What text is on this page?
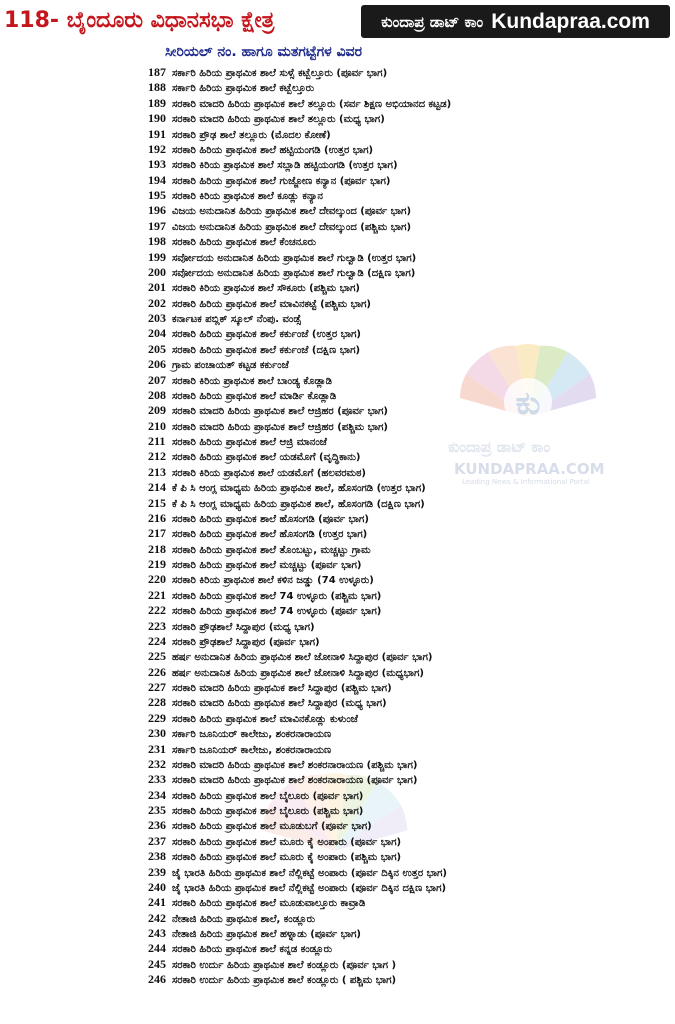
118- ಬೈಂದೂರು ವಿಧಾನಸಭಾ ಕ್ಷೇತ್ರ	ಕುಂದಾಪ್ರ ಡಾಟ್ ಕಾಂ Kundapraa.com
ಸೀರಿಯಲ್ ನಂ. ಹಾಗೂ ಮತಗಟ್ಟೆಗಳ ವಿವರ
ಕು
ಕುಂದಾಪ್ರ ಡಾಟ್ ಕಾಂ
KUNDAPRAA.COM
Leading News & Informational Portal
187 ಸರ್ಕಾರಿ ಹಿರಿಯ ಪ್ರಾಥಮಿಕ ಶಾಲೆ ಸುಳ್ಸೆ ಕಟ್ಬೆಲ್ತೂರು (ಪೂರ್ವ ಭಾಗ)
188 ಸರ್ಕಾರಿ ಹಿರಿಯ ಪ್ರಾಥಮಿಕ ಶಾಲೆ ಕಟ್ಬೆಲ್ತೂರು
189 ಸರಕಾರಿ ಮಾದರಿ ಹಿರಿಯ ಪ್ರಾಥಮಿಕ ಶಾಲೆ ತಲ್ಲೂರು (ಸರ್ವ ಶಿಕ್ಷಣ ಅಭಿಯಾನದ ಕಟ್ಟಡ)
190 ಸರಕಾರಿ ಮಾದರಿ ಹಿರಿಯ ಪ್ರಾಥಮಿಕ ಶಾಲೆ ತಲ್ಲೂರು (ಮಧ್ಯ ಭಾಗ)
191 ಸರಕಾರಿ ಪ್ರೌಢ ಶಾಲೆ ತಲ್ಲೂರು (ಮೊದಲ ಕೋಣೆ)
192 ಸರಕಾರಿ ಹಿರಿಯ ಪ್ರಾಥಮಿಕ ಶಾಲೆ ಹಟ್ಟಿಯಂಗಡಿ (ಉತ್ತರ ಭಾಗ)
193 ಸರಕಾರಿ ಕಿರಿಯ ಪ್ರಾಥಮಿಕ ಶಾಲೆ ಸಬ್ಲಾಡಿ ಹಟ್ಟಿಯಂಗಡಿ (ಉತ್ತರ ಭಾಗ)
194 ಸರಕಾರಿ ಹಿರಿಯ ಪ್ರಾಥಮಿಕ ಶಾಲೆ ಗುಜ್ಜೋಣ ಕನ್ಯಾನ (ಪೂರ್ವ ಭಾಗ)
195 ಸರಕಾರಿ ಕಿರಿಯ ಪ್ರಾಥಮಿಕ ಶಾಲೆ ಕೂಡ್ಲು ಕನ್ಯಾನ
196 ವಿಜಯ ಅನುದಾನಿತ ಹಿರಿಯ ಪ್ರಾಥಮಿಕ ಶಾಲೆ ದೇವಲ್ಕುಂದ (ಪೂರ್ವ ಭಾಗ)
197 ವಿಜಯ ಅನುದಾನಿತ ಹಿರಿಯ ಪ್ರಾಥಮಿಕ ಶಾಲೆ ದೇವಲ್ಕುಂದ (ಪಶ್ಚಿಮ ಭಾಗ)
198 ಸರಕಾರಿ ಹಿರಿಯ ಪ್ರಾಥಮಿಕ ಶಾಲೆ ಕೆಂಚನೂರು
199 ಸರ್ವೋದಯ ಅನುದಾನಿತ ಹಿರಿಯ ಪ್ರಾಥಮಿಕ ಶಾಲೆ ಗುಲ್ವಾಡಿ (ಉತ್ತರ ಭಾಗ)
200 ಸರ್ವೋದಯ ಅನುದಾನಿತ ಹಿರಿಯ ಪ್ರಾಥಮಿಕ ಶಾಲೆ ಗುಲ್ವಾಡಿ (ದಕ್ಷಿಣ ಭಾಗ)
201 ಸರಕಾರಿ ಕಿರಿಯ ಪ್ರಾಥಮಿಕ ಶಾಲೆ ಸೌಕೂರು (ಪಶ್ಚಿಮ ಭಾಗ)
202 ಸರಕಾರಿ ಹಿರಿಯ ಪ್ರಾಥಮಿಕ ಶಾಲೆ ಮಾವಿನಕಟ್ಟೆ (ಪಶ್ಚಿಮ ಭಾಗ)
203 ಕರ್ನಾಟಕ ಪಬ್ಲಿಕ್ ಸ್ಕೂಲ್ ನೆಂಪು. ವಂಡ್ಸೆ
204 ಸರಕಾರಿ ಹಿರಿಯ ಪ್ರಾಥಮಿಕ ಶಾಲೆ ಕರ್ಕುಂಜೆ (ಉತ್ತರ ಭಾಗ)
205 ಸರಕಾರಿ ಹಿರಿಯ ಪ್ರಾಥಮಿಕ ಶಾಲೆ ಕರ್ಕುಂಜೆ (ದಕ್ಷಿಣ ಭಾಗ)
206 ಗ್ರಾಮ ಪಂಚಾಯತ್ ಕಟ್ಟಡ ಕರ್ಕುಂಜೆ
207 ಸರಕಾರಿ ಕಿರಿಯ ಪ್ರಾಥಮಿಕ ಶಾಲೆ ಬಾಂಡ್ಯ ಕೊಡ್ಲಾಡಿ
208 ಸರಕಾರಿ ಹಿರಿಯ ಪ್ರಾಥಮಿಕ ಶಾಲೆ ಮಾರ್ಡಿ ಕೊಡ್ಲಾಡಿ
209 ಸರಕಾರಿ ಮಾದರಿ ಹಿರಿಯ ಪ್ರಾಥಮಿಕ ಶಾಲೆ ಆಜ್ರಿಹರ (ಪೂರ್ವ ಭಾಗ)
210 ಸರಕಾರಿ ಮಾದರಿ ಹಿರಿಯ ಪ್ರಾಥಮಿಕ ಶಾಲೆ ಆಜ್ರಿಹರ (ಪಶ್ಚಿಮ ಭಾಗ)
211 ಸರಕಾರಿ ಹಿರಿಯ ಪ್ರಾಥಮಿಕ ಶಾಲೆ ಆಜ್ರಿ ಮಾನಂಜೆ
212 ಸರಕಾರಿ ಹಿರಿಯ ಪ್ರಾಥಮಿಕ ಶಾಲೆ ಯಡಮೊಗೆ (ವೃದ್ಧಿಕಾನು)
213 ಸರಕಾರಿ ಕಿರಿಯ ಪ್ರಾಥಮಿಕ ಶಾಲೆ ಯಡಮೊಗೆ (ಹಲವರಮಠ)
214 ಕೆ ಪಿ ಸಿ ಆಂಗ್ಲ ಮಾಧ್ಯಮ ಹಿರಿಯ ಪ್ರಾಥಮಿಕ ಶಾಲೆ, ಹೊಸಂಗಡಿ (ಉತ್ತರ ಭಾಗ)
215 ಕೆ ಪಿ ಸಿ ಆಂಗ್ಲ ಮಾಧ್ಯಮ ಹಿರಿಯ ಪ್ರಾಥಮಿಕ ಶಾಲೆ, ಹೊಸಂಗಡಿ (ದಕ್ಷಿಣ ಭಾಗ)
216 ಸರಕಾರಿ ಹಿರಿಯ ಪ್ರಾಥಮಿಕ ಶಾಲೆ ಹೊಸಂಗಡಿ (ಪೂರ್ವ ಭಾಗ)
217 ಸರಕಾರಿ ಹಿರಿಯ ಪ್ರಾಥಮಿಕ ಶಾಲೆ ಹೊಸಂಗಡಿ (ಉತ್ತರ ಭಾಗ)
218 ಸರಕಾರಿ ಹಿರಿಯ ಪ್ರಾಥಮಿಕ ಶಾಲೆ ತೊಂಬಟ್ಟು, ಮಚ್ಚಟ್ಟು ಗ್ರಾಮ
219 ಸರಕಾರಿ ಹಿರಿಯ ಪ್ರಾಥಮಿಕ ಶಾಲೆ ಮಚ್ಚಟ್ಟು (ಪೂರ್ವ ಭಾಗ)
220 ಸರಕಾರಿ ಕಿರಿಯ ಪ್ರಾಥಮಿಕ ಶಾಲೆ ಕಳಿನ ಜಡ್ಡು (74 ಉಳ್ಳೂರು)
221 ಸರಕಾರಿ ಹಿರಿಯ ಪ್ರಾಥಮಿಕ ಶಾಲೆ 74 ಉಳ್ಳೂರು (ಪಶ್ಚಿಮ ಭಾಗ)
222 ಸರಕಾರಿ ಹಿರಿಯ ಪ್ರಾಥಮಿಕ ಶಾಲೆ 74 ಉಳ್ಳೂರು (ಪೂರ್ವ ಭಾಗ)
223 ಸರಕಾರಿ ಪ್ರೌಢಶಾಲೆ ಸಿದ್ದಾಪುರ (ಮಧ್ಯ ಭಾಗ)
224 ಸರಕಾರಿ ಪ್ರೌಢಶಾಲೆ ಸಿದ್ದಾಪುರ (ಪೂರ್ವ ಭಾಗ)
225 ಹರ್ಷ ಅನುದಾನಿತ ಹಿರಿಯ ಪ್ರಾಥಮಿಕ ಶಾಲೆ ಜೋನಾಳಿ ಸಿದ್ದಾಪುರ (ಪೂರ್ವ ಭಾಗ)
226 ಹರ್ಷ ಅನುದಾನಿತ ಹಿರಿಯ ಪ್ರಾಥಮಿಕ ಶಾಲೆ ಜೋನಾಳಿ ಸಿದ್ದಾಪುರ (ಮಧ್ಯಭಾಗ)
227 ಸರಕಾರಿ ಮಾದರಿ ಹಿರಿಯ ಪ್ರಾಥಮಿಕ ಶಾಲೆ ಸಿದ್ದಾಪುರ (ಪಶ್ಚಿಮ ಭಾಗ)
228 ಸರಕಾರಿ ಮಾದರಿ ಹಿರಿಯ ಪ್ರಾಥಮಿಕ ಶಾಲೆ ಸಿದ್ದಾಪುರ (ಮಧ್ಯ ಭಾಗ)
229 ಸರಕಾರಿ ಹಿರಿಯ ಪ್ರಾಥಮಿಕ ಶಾಲೆ ಮಾವಿನಕೊಡ್ಲು ಕುಳುಂಜೆ
230 ಸರ್ಕಾರಿ ಜೂನಿಯರ್ ಕಾಲೇಜು, ಶಂಕರನಾರಾಯಣ
231 ಸರ್ಕಾರಿ ಜೂನಿಯರ್ ಕಾಲೇಜು, ಶಂಕರನಾರಾಯಣ
232 ಸರಕಾರಿ ಮಾದರಿ ಹಿರಿಯ ಪ್ರಾಥಮಿಕ ಶಾಲೆ ಶಂಕರನಾರಾಯಣ (ಪಶ್ಚಿಮ ಭಾಗ)
233 ಸರಕಾರಿ ಮಾದರಿ ಹಿರಿಯ ಪ್ರಾಥಮಿಕ ಶಾಲೆ ಶಂಕರನಾರಾಯಣ (ಪೂರ್ವ ಭಾಗ)
234 ಸರಕಾರಿ ಹಿರಿಯ ಪ್ರಾಥಮಿಕ ಶಾಲೆ ಬೈಲೂರು (ಪೂರ್ವ ಭಾಗ)
235 ಸರಕಾರಿ ಹಿರಿಯ ಪ್ರಾಥಮಿಕ ಶಾಲೆ ಬೈಲೂರು (ಪಶ್ಚಿಮ ಭಾಗ)
236 ಸರಕಾರಿ ಹಿರಿಯ ಪ್ರಾಥಮಿಕ ಶಾಲೆ ಮೂಡುಬಗೆ (ಪೂರ್ವ ಭಾಗ)
237 ಸರಕಾರಿ ಹಿರಿಯ ಪ್ರಾಥಮಿಕ ಶಾಲೆ ಮೂರು ಕೈ ಅಂಪಾರು (ಪೂರ್ವ ಭಾಗ)
238 ಸರಕಾರಿ ಹಿರಿಯ ಪ್ರಾಥಮಿಕ ಶಾಲೆ ಮೂರು ಕೈ ಅಂಪಾರು (ಪಶ್ಚಿಮ ಭಾಗ)
239 ಜೈ ಭಾರತಿ ಹಿರಿಯ ಪ್ರಾಥಮಿಕ ಶಾಲೆ ನೆಲ್ಲಿಕಟ್ಟೆ ಅಂಪಾರು (ಪೂರ್ವ ದಿಕ್ಕಿನ ಉತ್ತರ ಭಾಗ)
240 ಜೈ ಭಾರತಿ ಹಿರಿಯ ಪ್ರಾಥಮಿಕ ಶಾಲೆ ನೆಲ್ಲಿಕಟ್ಟೆ ಅಂಪಾರು (ಪೂರ್ವ ದಿಕ್ಕಿನ ದಕ್ಷಿಣ ಭಾಗ)
241 ಸರಕಾರಿ ಹಿರಿಯ ಪ್ರಾಥಮಿಕ ಶಾಲೆ ಮೂಡುವಾಲ್ತೂರು ಕಾವ್ರಾಡಿ
242 ನೇತಾಜಿ ಹಿರಿಯ ಪ್ರಾಥಮಿಕ ಶಾಲೆ, ಕಂಡ್ಲೂರು
243 ನೇತಾಜಿ ಹಿರಿಯ ಪ್ರಾಥಮಿಕ ಶಾಲೆ ಹಳ್ನಾಡು (ಪೂರ್ವ ಭಾಗ)
244 ಸರಕಾರಿ ಹಿರಿಯ ಪ್ರಾಥಮಿಕ ಶಾಲೆ ಕನ್ನಡ ಕಂಡ್ಲೂರು
245 ಸರಕಾರಿ ಉರ್ದು ಹಿರಿಯ ಪ್ರಾಥಮಿಕ ಶಾಲೆ ಕಂಡ್ಲೂರು (ಪೂರ್ವ ಭಾಗ )
246 ಸರಕಾರಿ ಉರ್ದು ಹಿರಿಯ ಪ್ರಾಥಮಿಕ ಶಾಲೆ ಕಂಡ್ಲೂರು ( ಪಶ್ಚಿಮ ಭಾಗ)
